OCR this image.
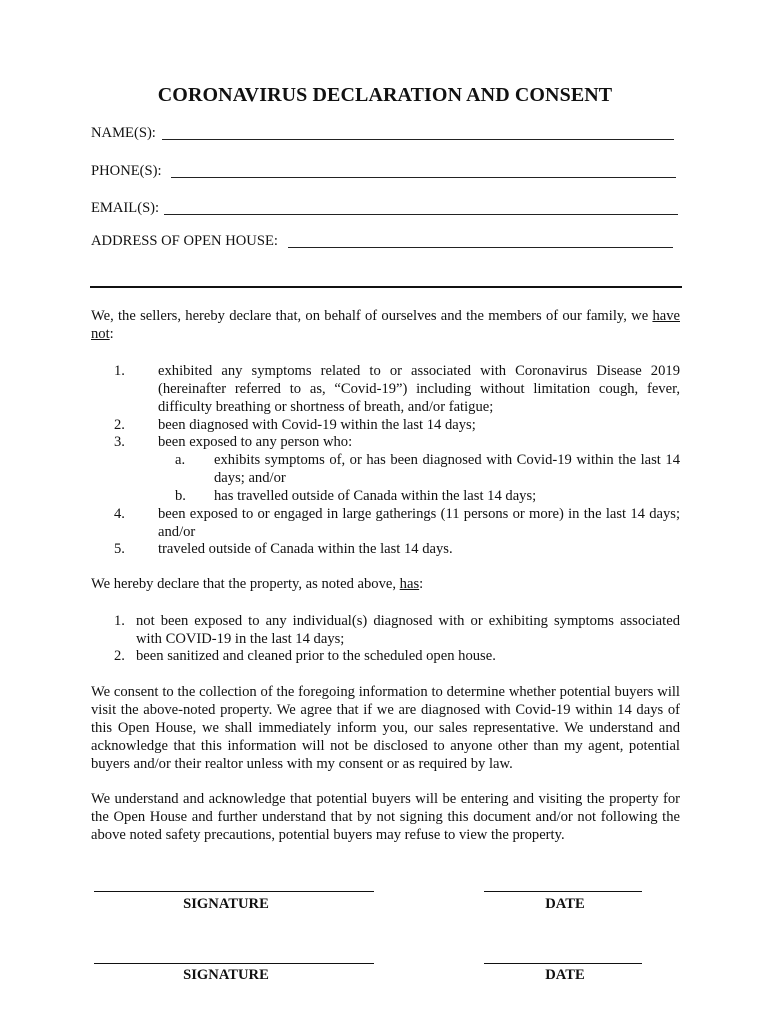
CORONAVIRUS DECLARATION AND CONSENT
NAME(S):
PHONE(S):
EMAIL(S):
ADDRESS OF OPEN HOUSE:
We, the sellers, hereby declare that, on behalf of ourselves and the members of our family, we have not:
1. exhibited any symptoms related to or associated with Coronavirus Disease 2019 (hereinafter referred to as, “Covid-19”) including without limitation cough, fever, difficulty breathing or shortness of breath, and/or fatigue;
2. been diagnosed with Covid-19 within the last 14 days;
3. been exposed to any person who:
a. exhibits symptoms of, or has been diagnosed with Covid-19 within the last 14 days; and/or
b. has travelled outside of Canada within the last 14 days;
4. been exposed to or engaged in large gatherings (11 persons or more) in the last 14 days; and/or
5. traveled outside of Canada within the last 14 days.
We hereby declare that the property, as noted above, has:
1. not been exposed to any individual(s) diagnosed with or exhibiting symptoms associated with COVID-19 in the last 14 days;
2. been sanitized and cleaned prior to the scheduled open house.
We consent to the collection of the foregoing information to determine whether potential buyers will visit the above-noted property. We agree that if we are diagnosed with Covid-19 within 14 days of this Open House, we shall immediately inform you, our sales representative. We understand and acknowledge that this information will not be disclosed to anyone other than my agent, potential buyers and/or their realtor unless with my consent or as required by law.
We understand and acknowledge that potential buyers will be entering and visiting the property for the Open House and further understand that by not signing this document and/or not following the above noted safety precautions, potential buyers may refuse to view the property.
SIGNATURE	DATE
SIGNATURE	DATE
